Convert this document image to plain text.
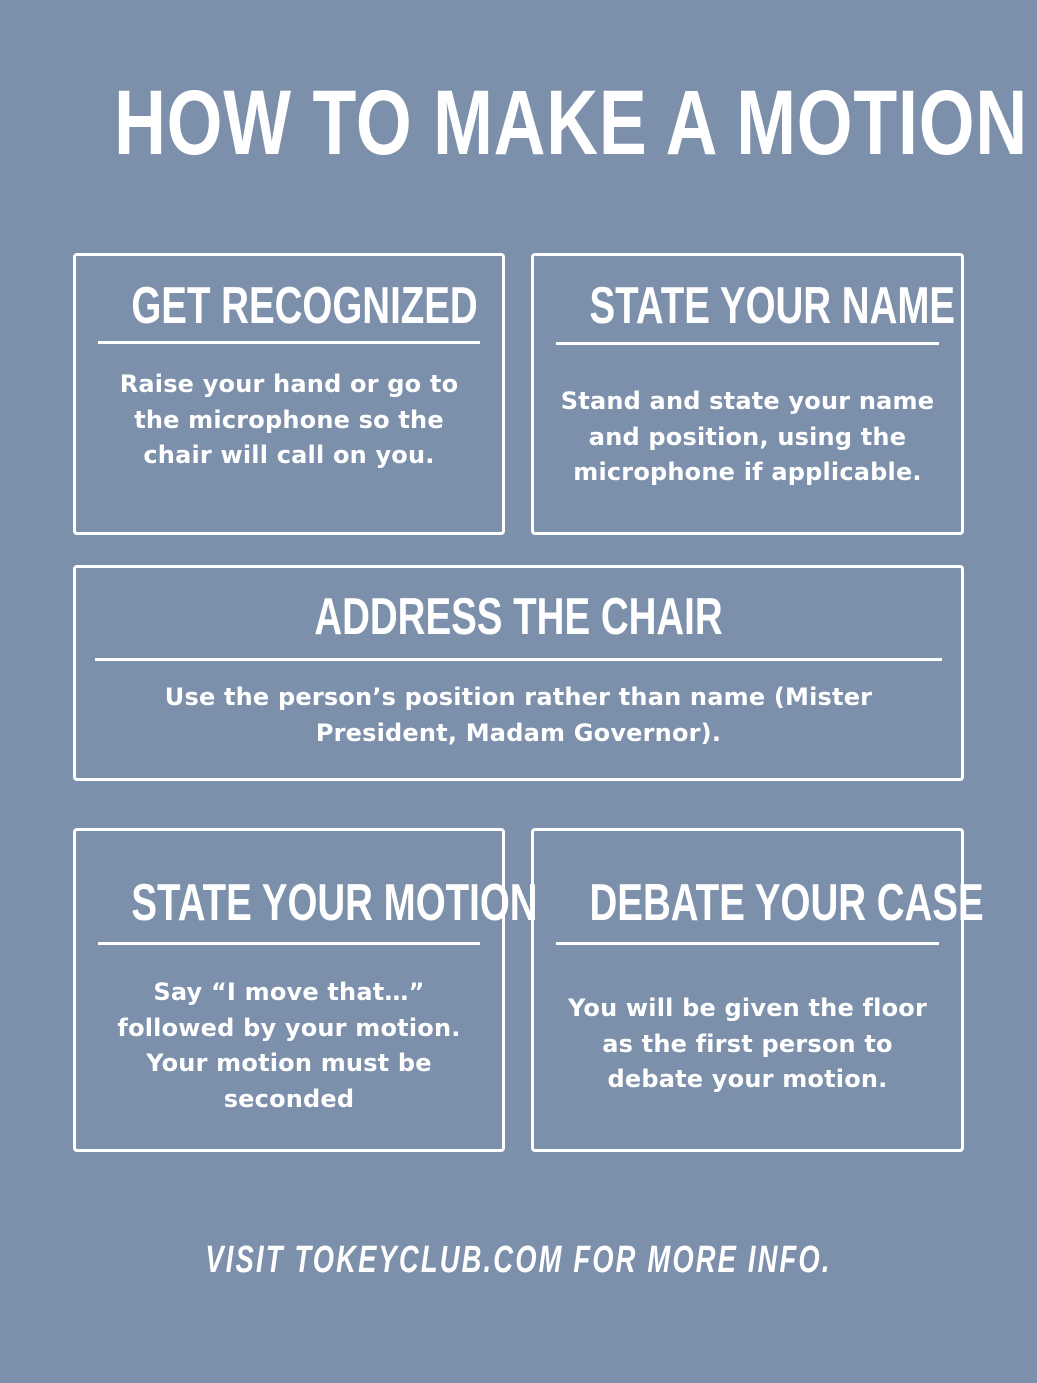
HOW TO MAKE A MOTION
GET RECOGNIZED
Raise your hand or go to the microphone so the chair will call on you.
STATE YOUR NAME
Stand and state your name and position, using the microphone if applicable.
ADDRESS THE CHAIR
Use the person’s position rather than name (Mister President, Madam Governor).
STATE YOUR MOTION
Say “I move that…” followed by your motion. Your motion must be seconded
DEBATE YOUR CASE
You will be given the floor as the first person to debate your motion.
VISIT TOKEYCLUB.COM FOR MORE INFO.
